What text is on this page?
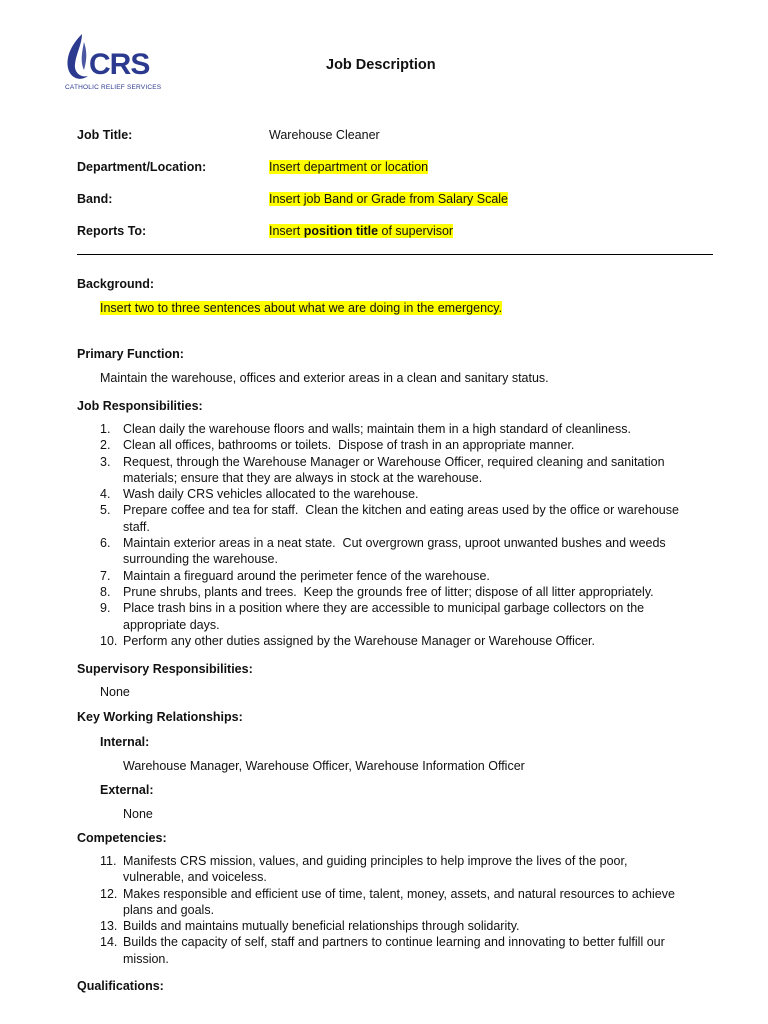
CRS
CATHOLIC RELIEF SERVICES
Job Description
Job Title:	Warehouse Cleaner
Department/Location:	Insert department or location
Band:	Insert job Band or Grade from Salary Scale
Reports To:	Insert position title of supervisor
Background:
Insert two to three sentences about what we are doing in the emergency.
Primary Function:
Maintain the warehouse, offices and exterior areas in a clean and sanitary status.
Job Responsibilities:
1. Clean daily the warehouse floors and walls; maintain them in a high standard of cleanliness.
2. Clean all offices, bathrooms or toilets.  Dispose of trash in an appropriate manner.
3. Request, through the Warehouse Manager or Warehouse Officer, required cleaning and sanitation
materials; ensure that they are always in stock at the warehouse.
4. Wash daily CRS vehicles allocated to the warehouse.
5. Prepare coffee and tea for staff.  Clean the kitchen and eating areas used by the office or warehouse
staff.
6. Maintain exterior areas in a neat state.  Cut overgrown grass, uproot unwanted bushes and weeds
surrounding the warehouse.
7. Maintain a fireguard around the perimeter fence of the warehouse.
8. Prune shrubs, plants and trees.  Keep the grounds free of litter; dispose of all litter appropriately.
9. Place trash bins in a position where they are accessible to municipal garbage collectors on the
appropriate days.
10. Perform any other duties assigned by the Warehouse Manager or Warehouse Officer.
Supervisory Responsibilities:
None
Key Working Relationships:
Internal:
Warehouse Manager, Warehouse Officer, Warehouse Information Officer
External:
None
Competencies:
11. Manifests CRS mission, values, and guiding principles to help improve the lives of the poor,
vulnerable, and voiceless.
12. Makes responsible and efficient use of time, talent, money, assets, and natural resources to achieve
plans and goals.
13. Builds and maintains mutually beneficial relationships through solidarity.
14. Builds the capacity of self, staff and partners to continue learning and innovating to better fulfill our
mission.
Qualifications:
